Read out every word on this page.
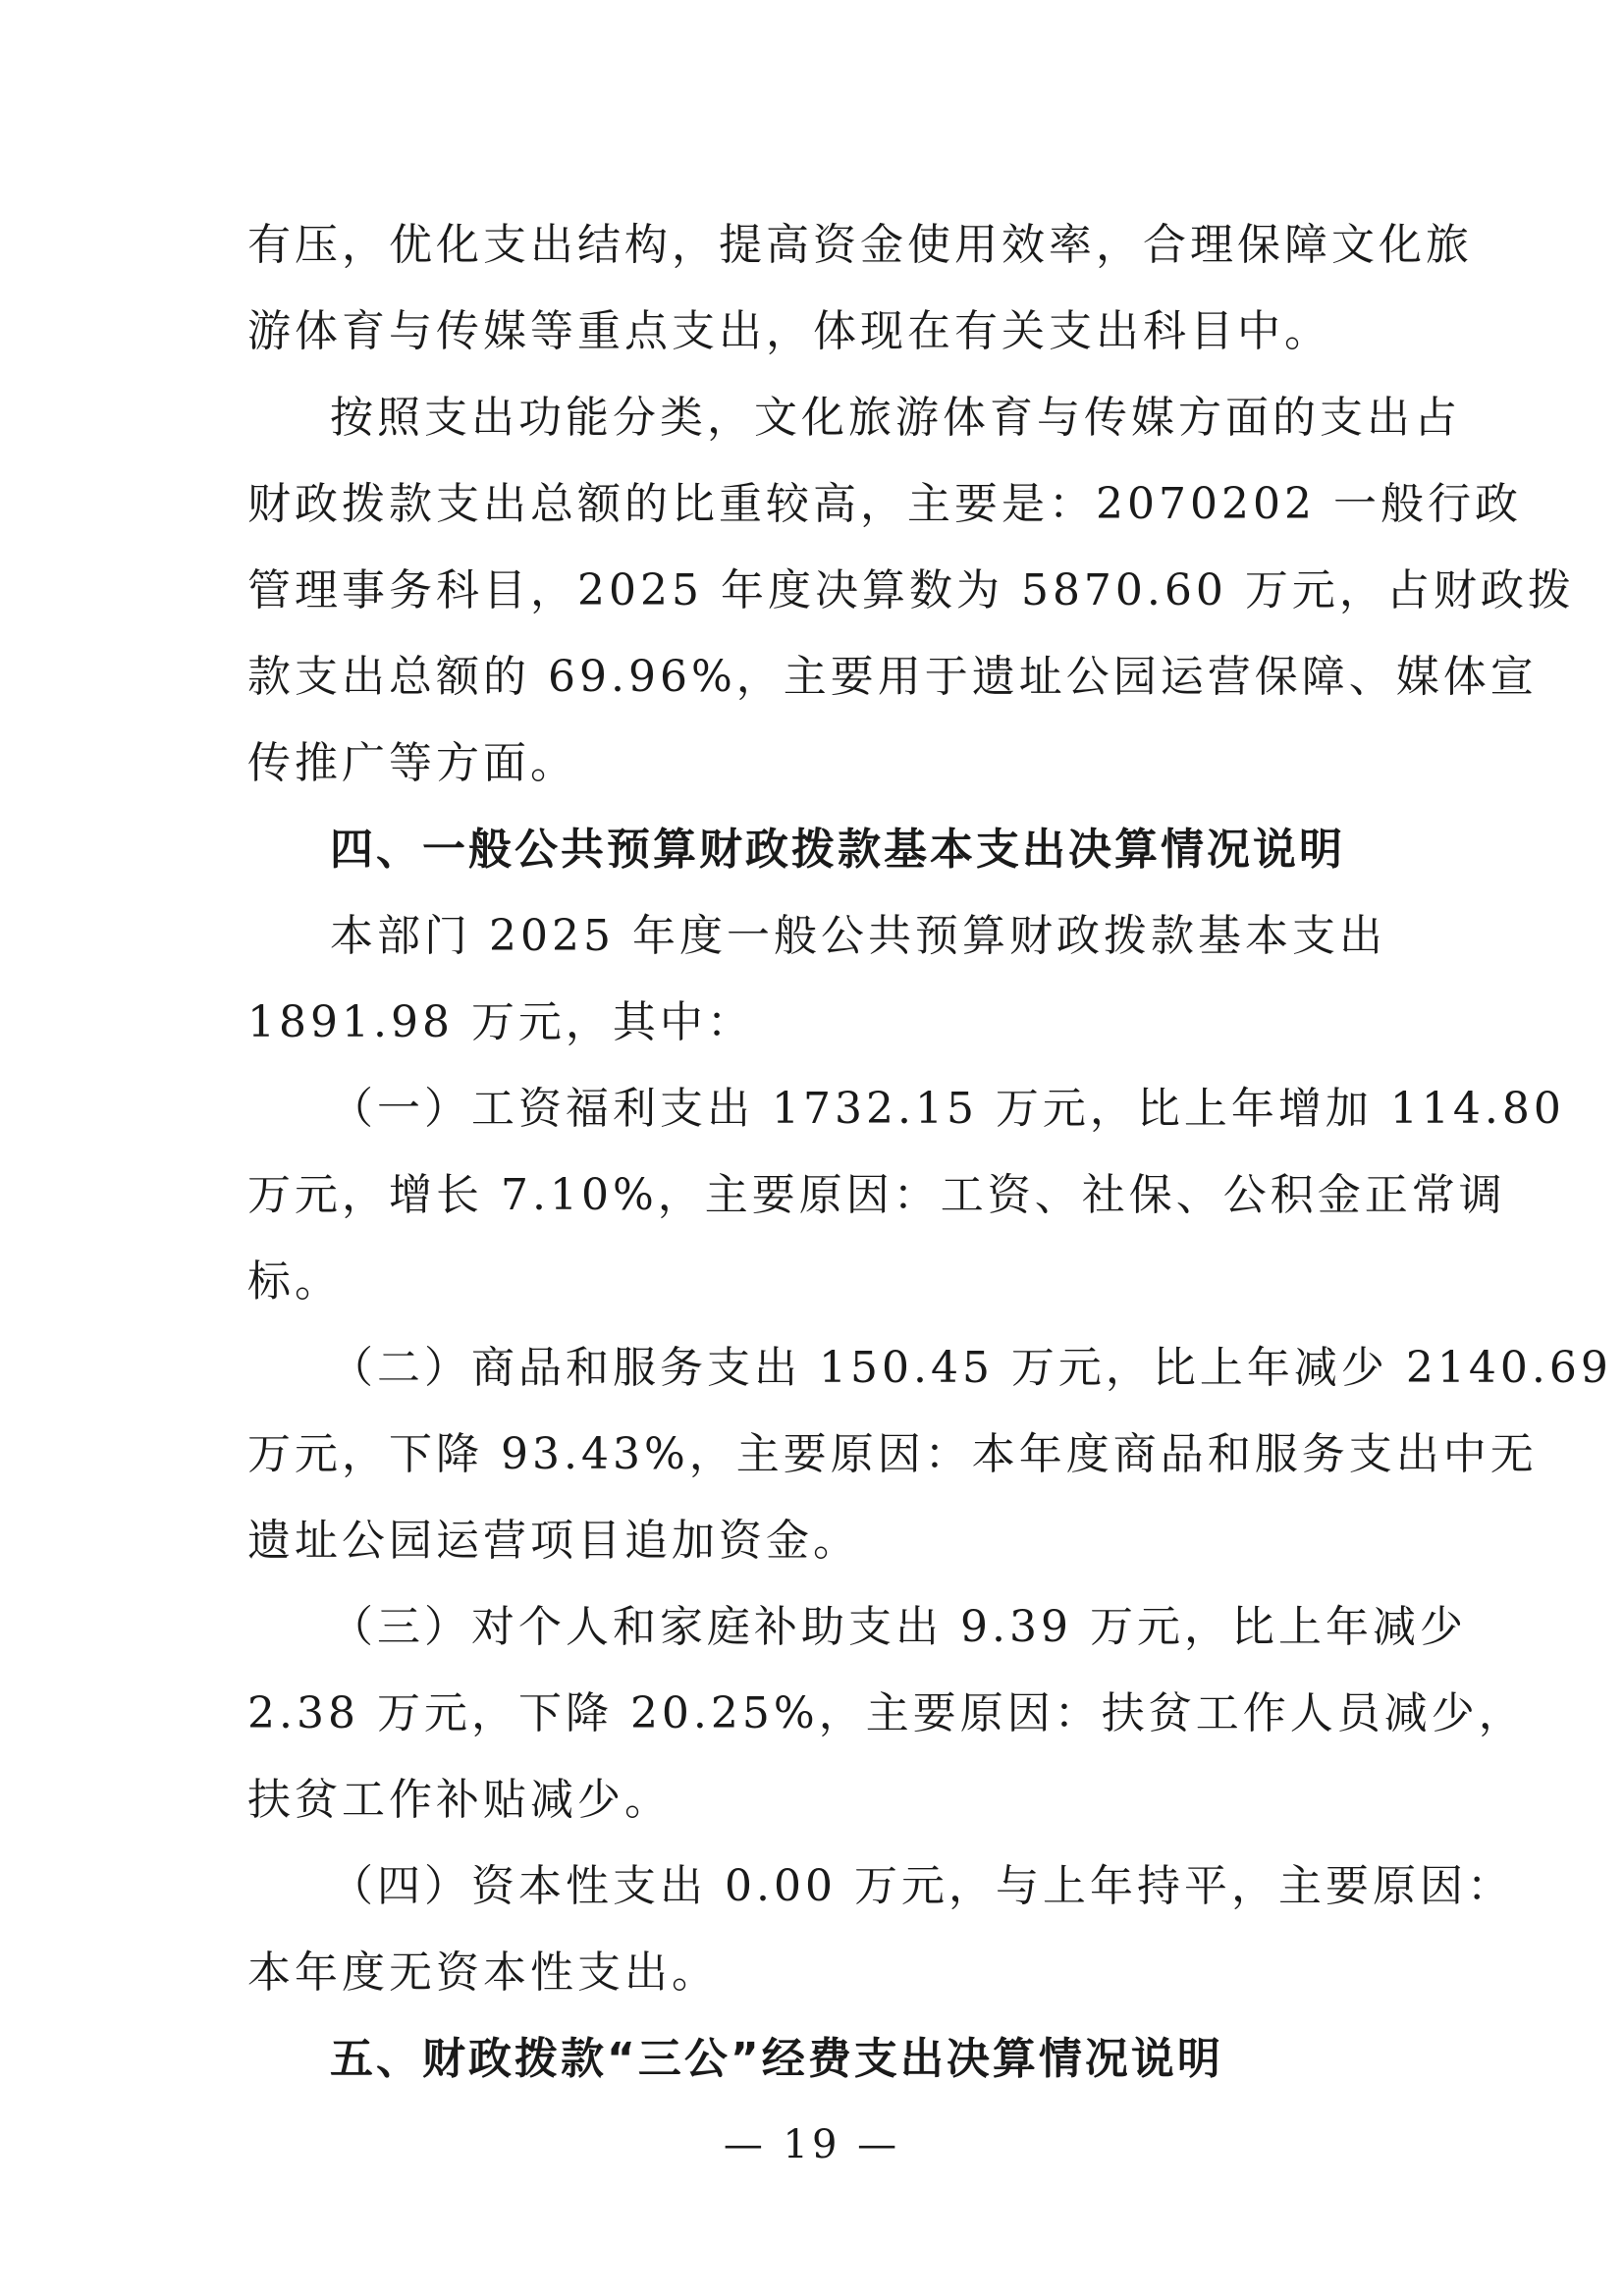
有压，优化支出结构，提高资金使用效率，合理保障文化旅
游体育与传媒等重点支出，体现在有关支出科目中。
按照支出功能分类，文化旅游体育与传媒方面的支出占
财政拨款支出总额的比重较高，主要是：2070202 一般行政
管理事务科目，2025 年度决算数为 5870.60 万元，占财政拨
款支出总额的 69.96%，主要用于遗址公园运营保障、媒体宣
传推广等方面。
四、一般公共预算财政拨款基本支出决算情况说明
本部门 2025 年度一般公共预算财政拨款基本支出
1891.98 万元，其中：
（一）工资福利支出 1732.15 万元，比上年增加 114.80
万元，增长 7.10%，主要原因：工资、社保、公积金正常调
标。
（二）商品和服务支出 150.45 万元，比上年减少 2140.69
万元，下降 93.43%，主要原因：本年度商品和服务支出中无
遗址公园运营项目追加资金。
（三）对个人和家庭补助支出 9.39 万元，比上年减少
2.38 万元，下降 20.25%，主要原因：扶贫工作人员减少，
扶贫工作补贴减少。
（四）资本性支出 0.00 万元，与上年持平，主要原因：
本年度无资本性支出。
五、财政拨款“三公”经费支出决算情况说明
— 19 —
